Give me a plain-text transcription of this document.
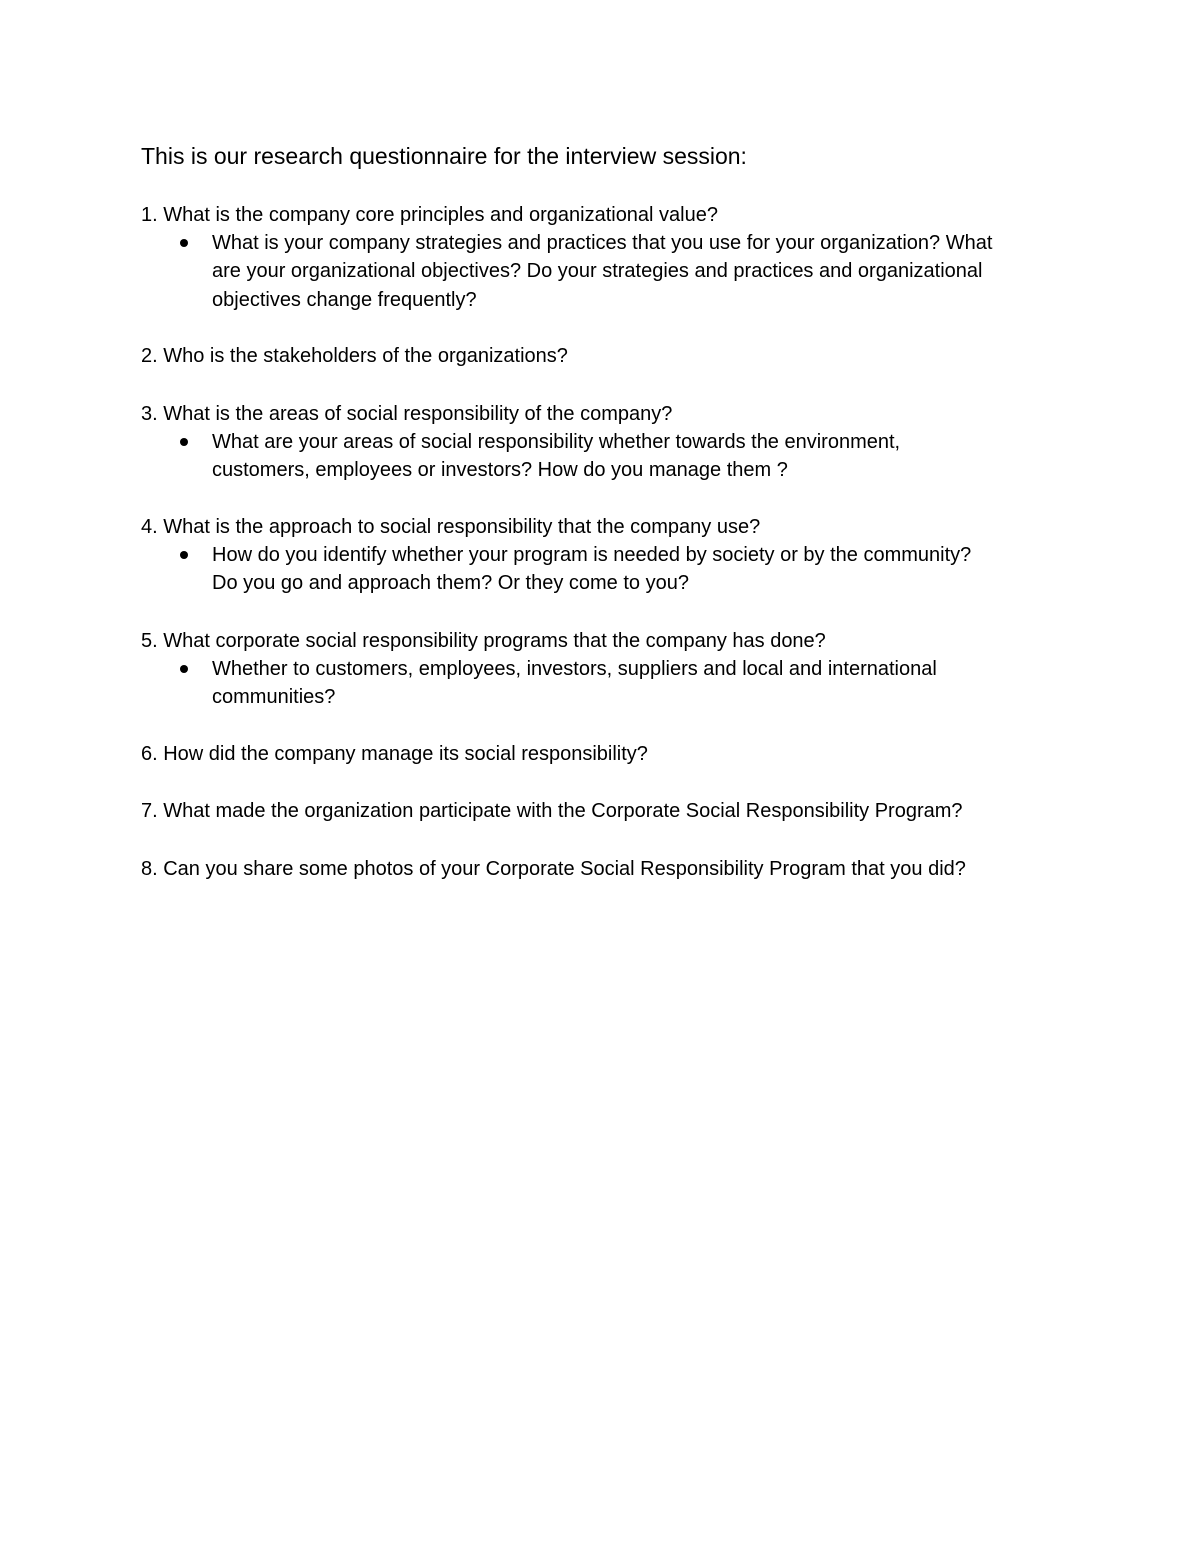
This is our research questionnaire for the interview session:
1. What is the company core principles and organizational value?
What is your company strategies and practices that you use for your organization? What
are your organizational objectives? Do your strategies and practices and organizational
objectives change frequently?
2. Who is the stakeholders of the organizations?
3. What is the areas of social responsibility of the company?
What are your areas of social responsibility whether towards the environment,
customers, employees or investors? How do you manage them ?
4. What is the approach to social responsibility that the company use?
How do you identify whether your program is needed by society or by the community?
Do you go and approach them? Or they come to you?
5. What corporate social responsibility programs that the company has done?
Whether to customers, employees, investors, suppliers and local and international
communities?
6. How did the company manage its social responsibility?
7. What made the organization participate with the Corporate Social Responsibility Program?
8. Can you share some photos of your Corporate Social Responsibility Program that you did?
